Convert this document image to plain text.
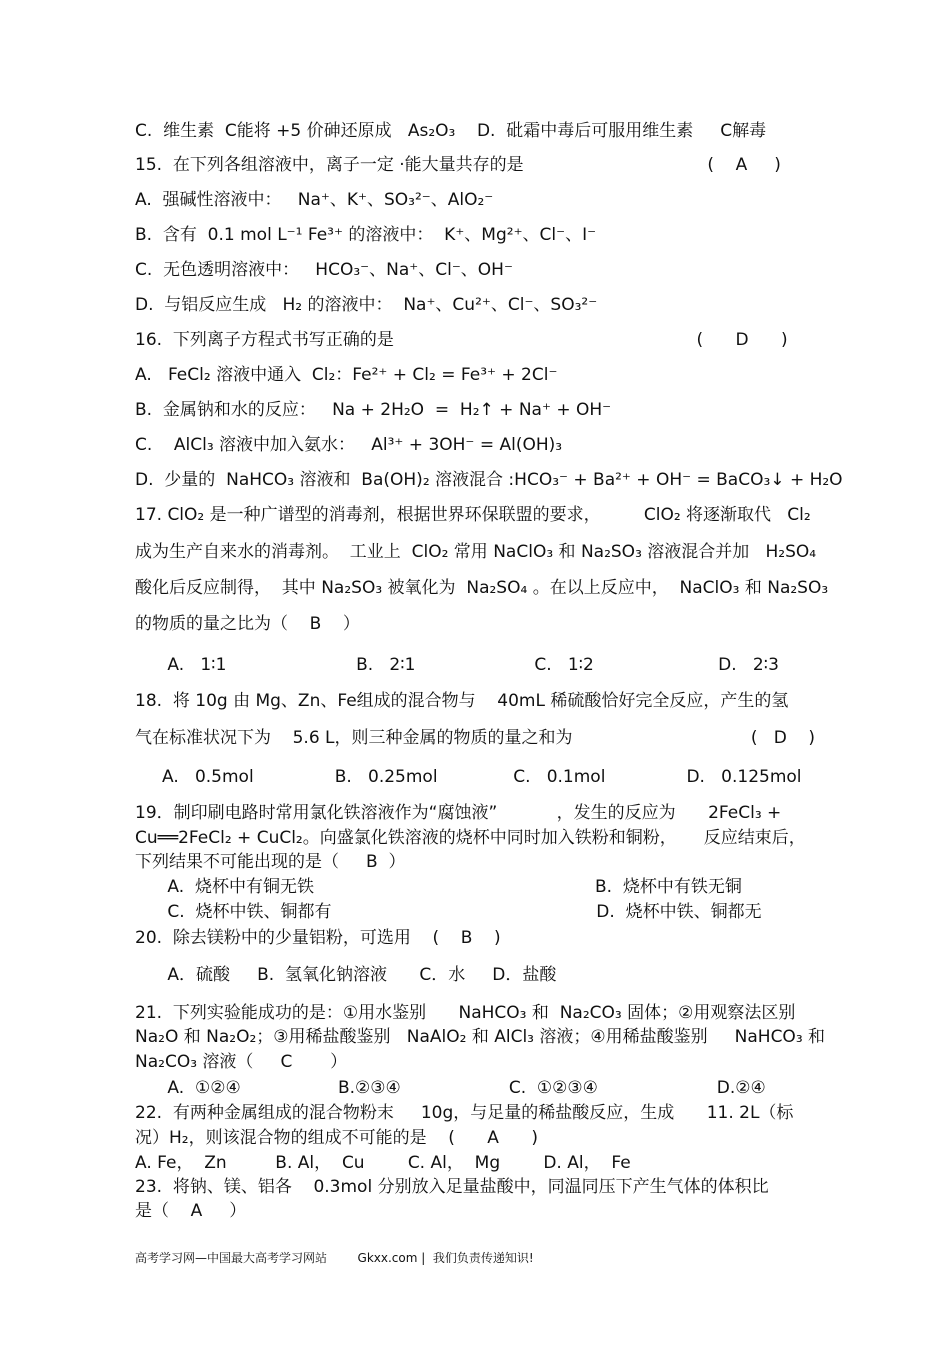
C.  维生素  C能将 +5 价砷还原成   As₂O₃    D.  砒霜中毒后可服用维生素     C解毒
15.  在下列各组溶液中，离子一定 ·能大量共存的是                                  (    A     )
A.  强碱性溶液中：   Na⁺、K⁺、SO₃²⁻、AlO₂⁻
B.  含有  0.1 mol L⁻¹ Fe³⁺ 的溶液中：  K⁺、Mg²⁺、Cl⁻、I⁻
C.  无色透明溶液中：   HCO₃⁻、Na⁺、Cl⁻、OH⁻
D.  与铝反应生成   H₂ 的溶液中：  Na⁺、Cu²⁺、Cl⁻、SO₃²⁻
16.  下列离子方程式书写正确的是                                                        (      D      )
A.   FeCl₂ 溶液中通入  Cl₂：Fe²⁺ + Cl₂ = Fe³⁺ + 2Cl⁻
B.  金属钠和水的反应：   Na + 2H₂O  =  H₂↑ + Na⁺ + OH⁻
C.    AlCl₃ 溶液中加入氨水：   Al³⁺ + 3OH⁻ = Al(OH)₃
D.  少量的  NaHCO₃ 溶液和  Ba(OH)₂ 溶液混合 :HCO₃⁻ + Ba²⁺ + OH⁻ = BaCO₃↓ + H₂O
17. ClO₂ 是一种广谱型的消毒剂，根据世界环保联盟的要求，        ClO₂ 将逐渐取代   Cl₂
成为生产自来水的消毒剂。  工业上  ClO₂ 常用 NaClO₃ 和 Na₂SO₃ 溶液混合并加   H₂SO₄
酸化后反应制得，  其中 Na₂SO₃ 被氧化为  Na₂SO₄ 。在以上反应中，  NaClO₃ 和 Na₂SO₃
的物质的量之比为（    B    ）
A.   1∶1                        B.   2∶1                      C.   1∶2                       D.   2∶3
18.  将 10g 由 Mg、Zn、Fe组成的混合物与    40mL 稀硫酸恰好完全反应，产生的氢
气在标准状况下为    5.6 L，则三种金属的物质的量之和为                                 (   D    )
A.   0.5mol               B.   0.25mol              C.   0.1mol               D.   0.125mol
19．制印刷电路时常用氯化铁溶液作为“腐蚀液”           ，发生的反应为      2FeCl₃ +
Cu══2FeCl₂ + CuCl₂。向盛氯化铁溶液的烧杯中同时加入铁粉和铜粉，     反应结束后，
下列结果不可能出现的是（     B  ）
A.  烧杯中有铜无铁                                                    B.  烧杯中有铁无铜
C.  烧杯中铁、铜都有                                                 D.  烧杯中铁、铜都无
20.  除去镁粉中的少量铝粉，可选用    (    B    )
A．硫酸     B.  氢氧化钠溶液      C．水     D．盐酸
21.  下列实验能成功的是：①用水鉴别      NaHCO₃ 和  Na₂CO₃ 固体；②用观察法区别
Na₂O 和 Na₂O₂；③用稀盐酸鉴别   NaAlO₂ 和 AlCl₃ 溶液；④用稀盐酸鉴别     NaHCO₃ 和
Na₂CO₃ 溶液（     C       ）
A.  ①②④                  B.②③④                    C.  ①②③④                      D.②④
22.  有两种金属组成的混合物粉末     10g，与足量的稀盐酸反应，生成      11. 2L（标
况）H₂，则该混合物的组成不可能的是    (      A      )
A. Fe，  Zn         B. Al，  Cu        C. Al，  Mg        D. Al，  Fe
23.  将钠、镁、铝各    0.3mol 分别放入足量盐酸中，同温同压下产生气体的体积比
是（    A     ）
高考学习网—中国最大高考学习网站        Gkxx.com |  我们负责传递知识!
